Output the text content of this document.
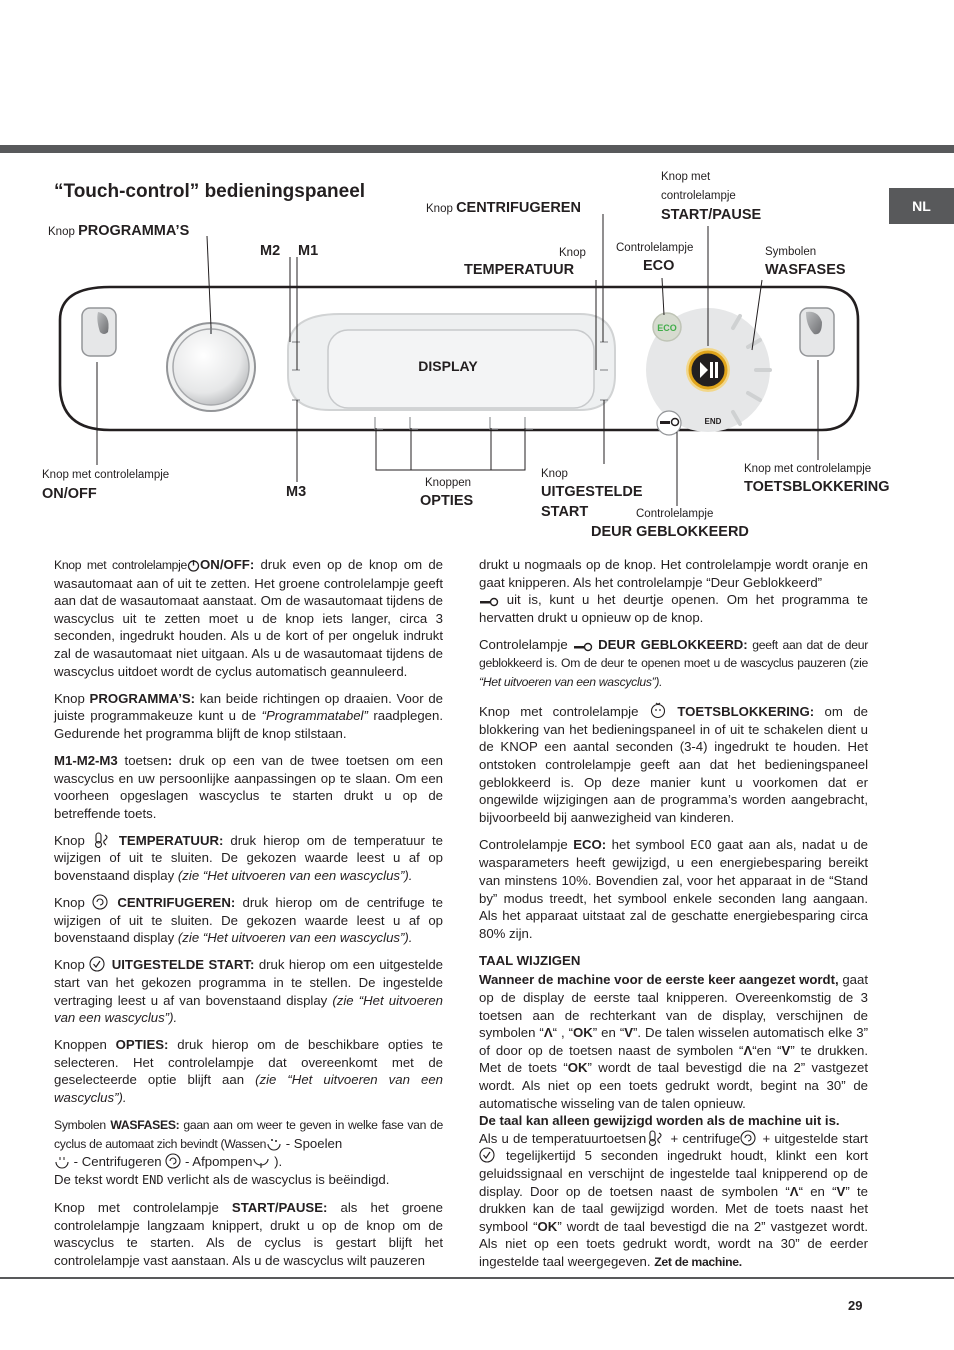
NL
“Touch-control” bedieningspaneel
ECO
END
DISPLAY
Knop PROGRAMMA’S
M2 M1
Knop CENTRIFUGEREN
Knop
TEMPERATUUR
Knop met
controlelampje
START/PAUSE
Controlelampje
ECO
Symbolen
WASFASES
Knop met controlelampje
ON/OFF	M3
Knoppen
OPTIES
Knop
UITGESTELDE
START	Controlelampje
DEUR GEBLOKKEERD
Knop met controlelampje
TOETSBLOKKERING

Knop met controlelampje ON/OFF: druk even op de knop om de wasautomaat aan of uit te zetten. Het groene controlelampje geeft aan dat de wasautomaat aanstaat. Om de wasautomaat tijdens de wascyclus uit te zetten moet u de knop iets langer, circa 3 seconden, ingedrukt houden. Als u de kort of per ongeluk indrukt zal de wasautomaat niet uitgaan. Als u de wasautomaat tijdens de wascyclus uitdoet wordt de cyclus automatisch geannuleerd.

Knop PROGRAMMA’S: kan beide richtingen op draaien. Voor de juiste programmakeuze kunt u de “Programmatabel” raadplegen. Gedurende het programma blijft de knop stilstaan.

M1-M2-M3 toetsen: druk op een van de twee toetsen om een wascyclus en uw persoonlijke aanpassingen op te slaan. Om een voorheen opgeslagen wascyclus te starten drukt u op de betreffende toets.

Knop	TEMPERATUUR: druk hierop om de temperatuur te wijzigen of uit te sluiten. De gekozen waarde leest u af op bovenstaand display (zie “Het uitvoeren van een wascyclus”).

Knop CENTRIFUGEREN: druk hierop om de centrifuge te wijzigen of uit te sluiten. De gekozen waarde leest u af op bovenstaand display (zie “Het uitvoeren van een wascyclus”).

Knop UITGESTELDE START: druk hierop om een uitgestelde start van het gekozen programma in te stellen. De ingestelde vertraging leest u af van bovenstaand display (zie “Het uitvoeren van een wascyclus”).

Knoppen OPTIES: druk hierop om de beschikbare opties te selecteren. Het controlelampje dat overeenkomt met de geselecteerde optie blijft aan (zie “Het uitvoeren van een wascyclus”).

Symbolen WASFASES: gaan aan om weer te geven in welke fase van de cyclus de automaat zich bevindt (Wassen - Spoelen
- Centrifugeren  - Afpompen ).
De tekst wordt END verlicht als de wascyclus is beëindigd.

Knop met controlelampje START/PAUSE: als het groene controlelampje langzaam knippert, drukt u op de knop om de wascyclus te starten. Als de cyclus is gestart blijft het controlelampje vast aanstaan. Als u de wascyclus wilt pauzeren

drukt u nogmaals op de knop. Het controlelampje wordt oranje en gaat knipperen. Als het controlelampje “Deur Geblokkeerd”
uit is, kunt u het deurtje openen. Om het programma te hervatten drukt u opnieuw op de knop.

Controlelampje DEUR GEBLOKKEERD: geeft aan dat de deur geblokkeerd is. Om de deur te openen moet u de wascyclus pauzeren (zie “Het uitvoeren van een wascyclus”).

Knop met controlelampje	TOETSBLOKKERING: om de blokkering van het bedieningspaneel in of uit te schakelen dient u de KNOP een aantal seconden (3-4) ingedrukt te houden. Het ontstoken controlelampje geeft aan dat het bedieningspaneel geblokkeerd is. Op deze manier kunt u voorkomen dat er ongewilde wijzigingen aan de programma’s worden aangebracht, bijvoorbeeld bij aanwezigheid van kinderen.

Controlelampje ECO: het symbool ECO gaat aan als, nadat u de wasparameters heeft gewijzigd, u een energiebesparing bereikt van minstens 10%. Bovendien zal, voor het apparaat in de “Stand by” modus treedt, het symbool enkele seconden lang aangaan. Als het apparaat uitstaat zal de geschatte energiebesparing circa 80% zijn.

TAAL WIJZIGEN

Wanneer de machine voor de eerste keer aangezet wordt, gaat op de display de eerste taal knipperen. Overeenkomstig de 3 toetsen aan de rechterkant van de display, verschijnen de symbolen “Λ“ , “OK” en “V”. De talen wisselen automatisch elke 3” of door op de toetsen naast de symbolen “Λ“en “V” te drukken. Met de toets “OK” wordt de taal bevestigd die na 2” vastgezet wordt. Als niet op een toets gedrukt wordt, begint na 30” de automatische wisseling van de talen opnieuw.

De taal kan alleen gewijzigd worden als de machine uit is.
Als u de temperatuurtoetsen + centrifuge + uitgestelde start tegelijkertijd 5 seconden ingedrukt houdt, klinkt een kort geluidssignaal en verschijnt de ingestelde taal knipperend op de display. Door op de toetsen naast de symbolen “Λ“ en “V” te drukken kan de taal gewijzigd worden. Met de toets naast het symbool “OK” wordt de taal bevestigd die na 2” vastgezet wordt. Als niet op een toets gedrukt wordt, wordt na 30” de eerder ingestelde taal weergegeven. Zet de machine.

29
